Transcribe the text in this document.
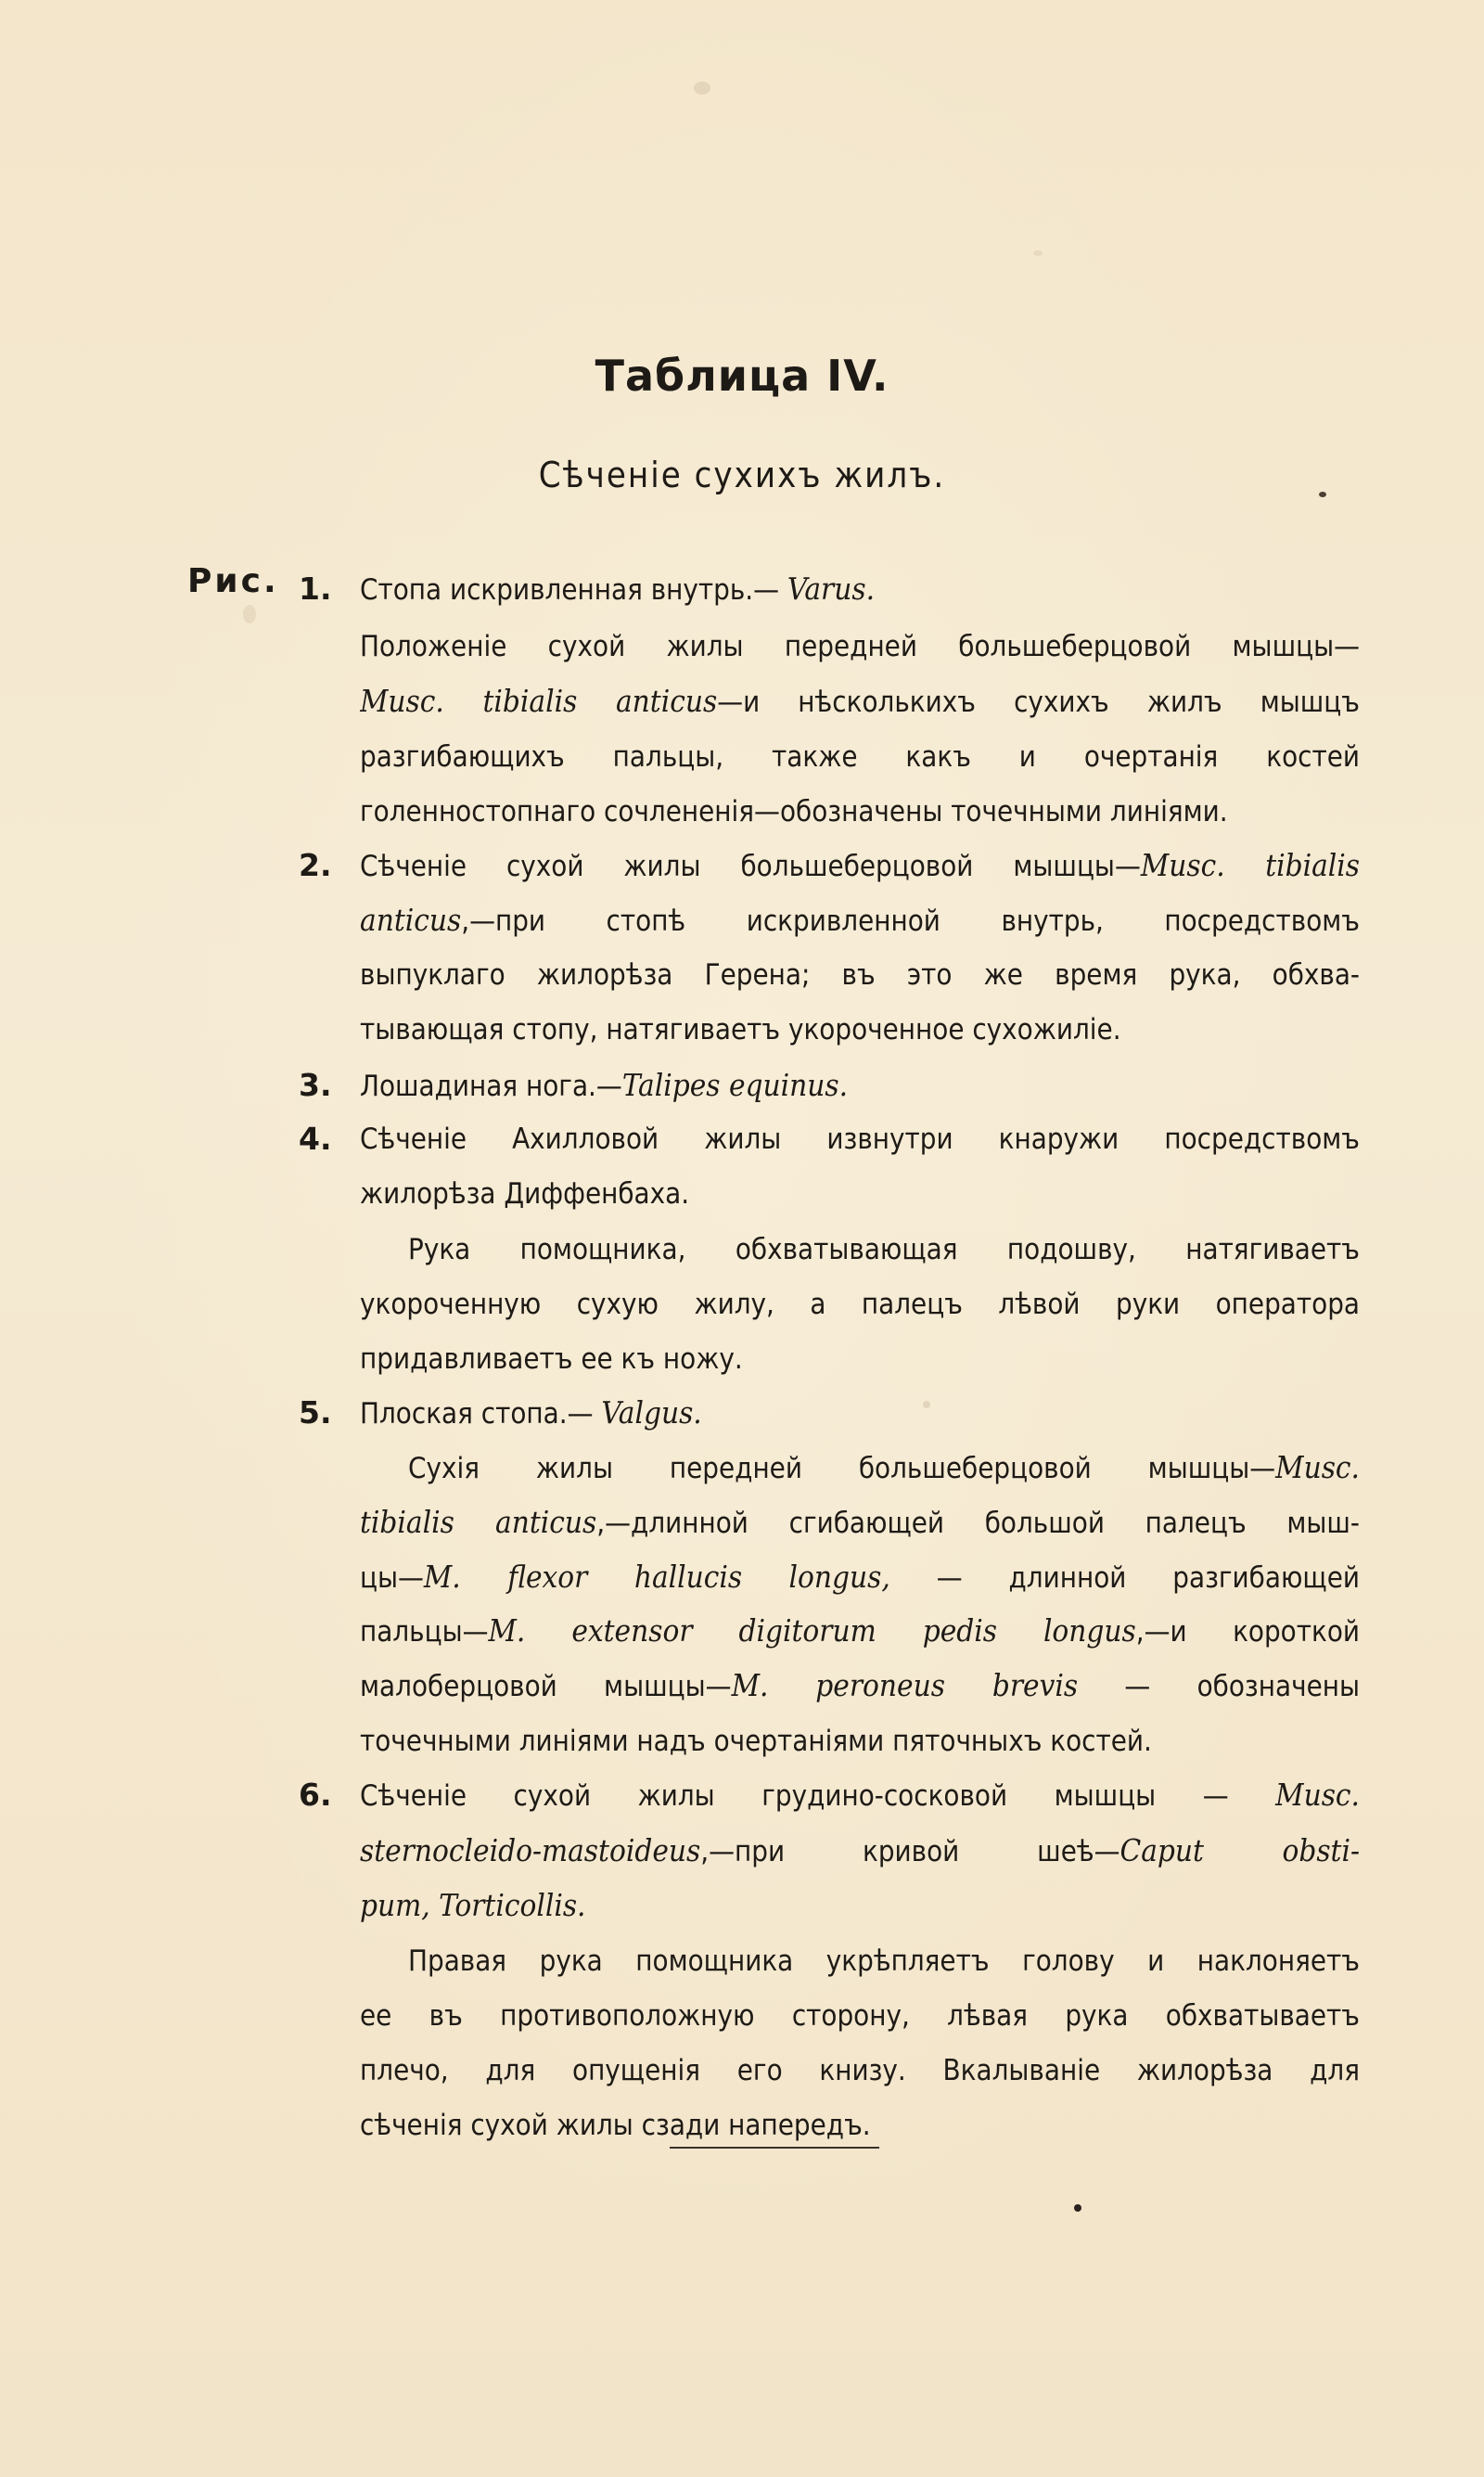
Таблица IV.
Сѣченіе сухихъ жилъ.
Рис. 1. Стопа искривленная внутрь.— Varus.
Положеніе сухой жилы передней большеберцовой мышцы—
Musc. tibialis anticus—и нѣсколькихъ сухихъ жилъ мышцъ
разгибающихъ пальцы, также какъ и очертанія костей
голенностопнаго сочлененія—обозначены точечными линіями.
2. Сѣченіе сухой жилы большеберцовой мышцы—Musc. tibialis
anticus,—при стопѣ искривленной внутрь, посредствомъ
выпуклаго жилорѣза Герена; въ это же время рука, обхва-
тывающая стопу, натягиваетъ укороченное сухожиліе.
3. Лошадиная нога.—Talipes equinus.
4. Сѣченіе Ахилловой жилы извнутри кнаружи посредствомъ
жилорѣза Диффенбаха.
Рука помощника, обхватывающая подошву, натягиваетъ
укороченную сухую жилу, а палецъ лѣвой руки оператора
придавливаетъ ее къ ножу.
5. Плоская стопа.— Valgus.
Сухія жилы передней большеберцовой мышцы—Musc.
tibialis anticus,—длинной сгибающей большой палецъ мыш-
цы—M. flexor hallucis longus, — длинной разгибающей
пальцы—M. extensor digitorum pedis longus,—и короткой
малоберцовой мышцы—M. peroneus brevis — обозначены
точечными линіями надъ очертаніями пяточныхъ костей.
6. Сѣченіе сухой жилы грудино-сосковой мышцы — Musc.
sternocleido-mastoideus,—при кривой шеѣ—Caput obsti-
pum, Torticollis.
Правая рука помощника укрѣпляетъ голову и наклоняетъ
ее въ противоположную сторону, лѣвая рука обхватываетъ
плечо, для опущенія его книзу. Вкалываніе жилорѣза для
сѣченія сухой жилы сзади напередъ.
